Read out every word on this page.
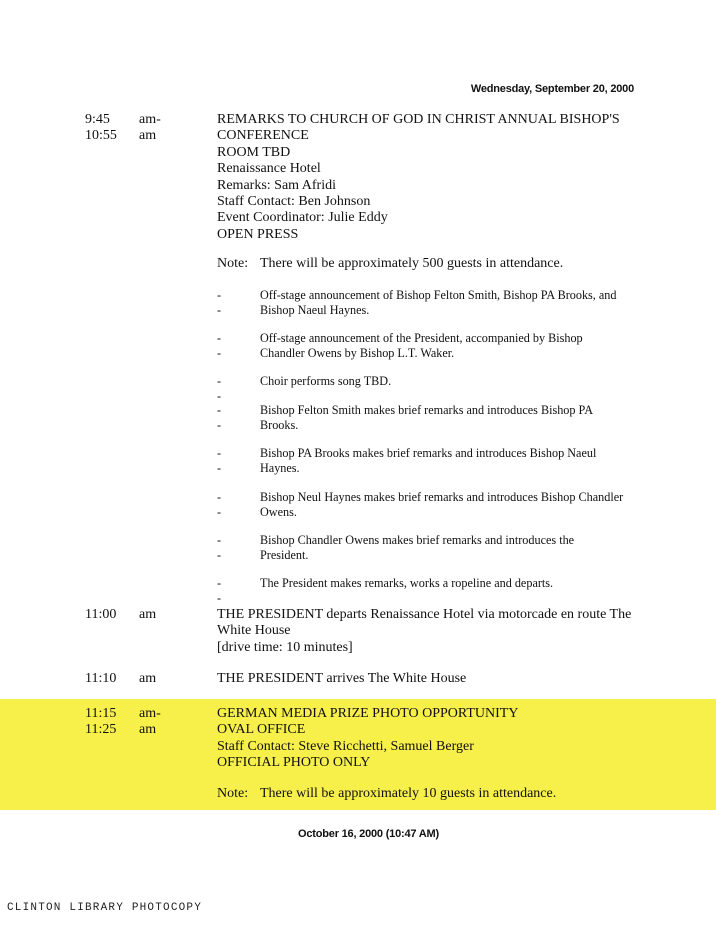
Wednesday, September 20, 2000
9:45
10:55
am-
am
REMARKS TO CHURCH OF GOD IN CHRIST ANNUAL BISHOP'S
CONFERENCE
ROOM TBD
Renaissance Hotel
Remarks: Sam Afridi
Staff Contact: Ben Johnson
Event Coordinator: Julie Eddy
OPEN PRESS
Note: There will be approximately 500 guests in attendance.
--
Off-stage announcement of Bishop Felton Smith, Bishop PA Brooks, and Bishop Naeul Haynes.
--
Off-stage announcement of the President, accompanied by Bishop Chandler Owens by Bishop L.T. Waker.
--
Choir performs song TBD.
--
Bishop Felton Smith makes brief remarks and introduces Bishop PA Brooks.
--
Bishop PA Brooks makes brief remarks and introduces Bishop Naeul Haynes.
--
Bishop Neul Haynes makes brief remarks and introduces Bishop Chandler Owens.
--
Bishop Chandler Owens makes brief remarks and introduces the President.
--
The President makes remarks, works a ropeline and departs.
11:00 am	THE PRESIDENT departs Renaissance Hotel via motorcade en route The White House
[drive time: 10 minutes]
11:10 am	THE PRESIDENT arrives The White House
11:15
11:25
am-
am
GERMAN MEDIA PRIZE PHOTO OPPORTUNITY
OVAL OFFICE
Staff Contact: Steve Ricchetti, Samuel Berger
OFFICIAL PHOTO ONLY
Note: There will be approximately 10 guests in attendance.
October 16, 2000 (10:47 AM)
CLINTON LIBRARY PHOTOCOPY
